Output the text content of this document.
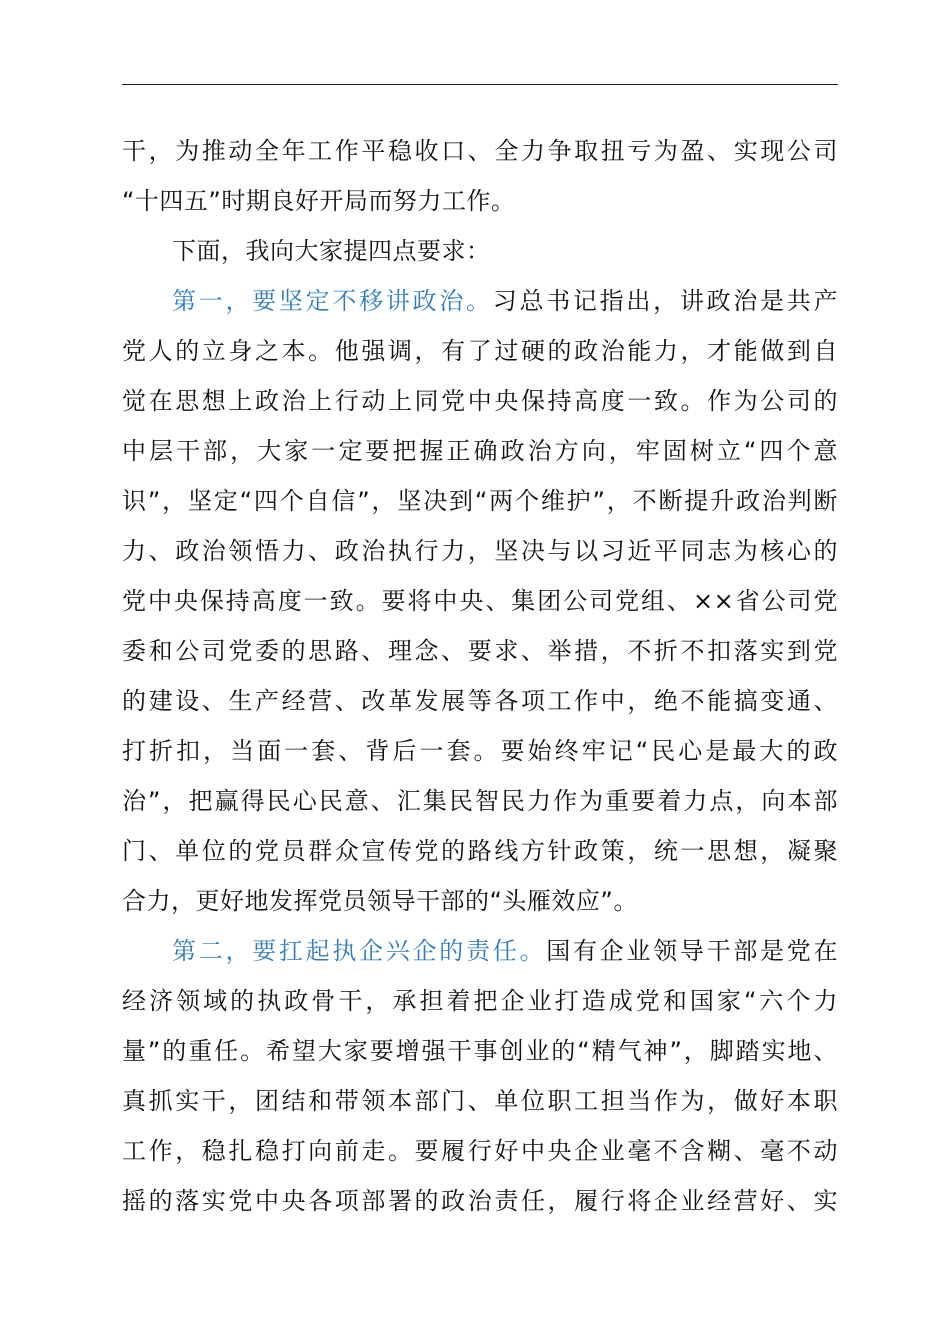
干，为推动全年工作平稳收口、全力争取扭亏为盈、实现公司
“十四五”时期良好开局而努力工作。
下面，我向大家提四点要求：
第一，要坚定不移讲政治。习总书记指出，讲政治是共产
党人的立身之本。他强调，有了过硬的政治能力，才能做到自
觉在思想上政治上行动上同党中央保持高度一致。作为公司的
中层干部，大家一定要把握正确政治方向，牢固树立“四个意
识”，坚定“四个自信”，坚决到“两个维护”，不断提升政治判断
力、政治领悟力、政治执行力，坚决与以习近平同志为核心的
党中央保持高度一致。要将中央、集团公司党组、××省公司党
委和公司党委的思路、理念、要求、举措，不折不扣落实到党
的建设、生产经营、改革发展等各项工作中，绝不能搞变通、
打折扣，当面一套、背后一套。要始终牢记“民心是最大的政
治”，把赢得民心民意、汇集民智民力作为重要着力点，向本部
门、单位的党员群众宣传党的路线方针政策，统一思想，凝聚
合力，更好地发挥党员领导干部的“头雁效应”。
第二，要扛起执企兴企的责任。国有企业领导干部是党在
经济领域的执政骨干，承担着把企业打造成党和国家“六个力
量”的重任。希望大家要增强干事创业的“精气神”，脚踏实地、
真抓实干，团结和带领本部门、单位职工担当作为，做好本职
工作，稳扎稳打向前走。要履行好中央企业毫不含糊、毫不动
摇的落实党中央各项部署的政治责任，履行将企业经营好、实
